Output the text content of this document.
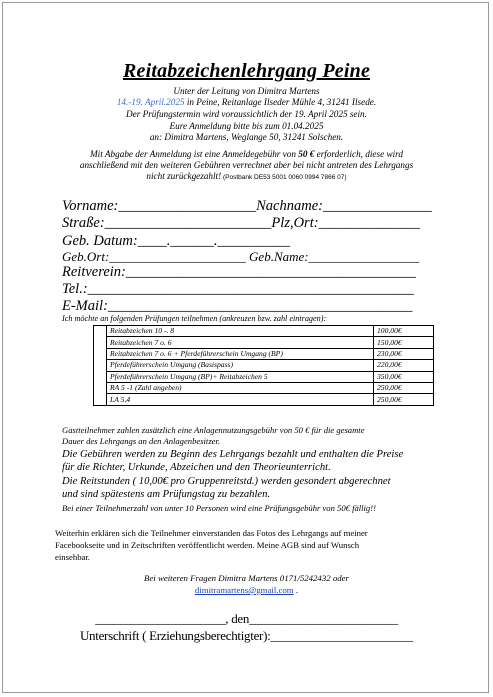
Reitabzeichenlehrgang Peine
Unter der Leitung von Dimitra Martens
14.-19. April.2025 in Peine, Reitanlage Ilseder Mühle 4, 31241 Ilsede.
Der Prüfungstermin wird voraussichtlich der 19. April 2025 sein.
Eure Anmeldung bitte bis zum 01.04.2025
an: Dimitra Martens, Weglange 50, 31241 Solschen.
Mit Abgabe der Anmeldung ist eine Anmeldegebühr von 50 € erforderlich, diese wird
anschließend mit den weiteren Gebühren verrechnet aber bei nicht antreten des Lehrgangs
nicht zurückgezahlt! (Postbank DE53 5001 0060 0994 7866 07)
Vorname:___________________Nachname:_______________
Straße:_______________________Plz,Ort:______________
Geb. Datum:____.______.__________
Geb.Ort:_____________________ Geb.Name:_________________
Reitverein:________________________________________
Tel.:_____________________________________________
E-Mail:__________________________________________
Ich möchte an folgenden Prüfungen teilnehmen (ankreuzen bzw. zahl eintragen):
	Reitabzeichen 10 -. 8	100,00€
	Reitabzeichen 7 o. 6	150,00€
	Reitabzeichen 7 o. 6 + Pferdeführerschein Umgang (BP)	230,00€
	Pferdeführerschein Umgang (Basispass)	220,00€
	Pferdeführerschein Umgang (BP)+ Reitabzeichen 5	350,00€
	RA 5 -1 (Zahl angeben)	250,00€
	LA 5,4	250,00€
Gastteilnehmer zahlen zusätzlich eine Anlagennutzungsgebühr von 50 € für die gesamte
Dauer des Lehrgangs an den Anlagenbesitzer.
Die Gebühren werden zu Beginn des Lehrgangs bezahlt und enthalten die Preise
für die Richter, Urkunde, Abzeichen und den Theorieunterricht.
Die Reitstunden ( 10,00€ pro Gruppenreitstd.) werden gesondert abgerechnet
und sind spätestens am Prüfungstag zu bezahlen.
Bei einer Teilnehmerzahl von unter 10 Personen wird eine Prüfungsgebühr von 50€ fällig!!
Weiterhin erklären sich die Teilnehmer einverstanden das Fotos des Lehrgangs auf meiner
Facebookseite und in Zeitschriften veröffentlicht werden. Meine AGB sind auf Wunsch
einsehbar.
Bei weiteren Fragen Dimitra Martens 0171/5242432 oder
dimitramartens@gmail.com .
_____________________, den________________________
Unterschrift ( Erziehungsberechtigter):_______________________
